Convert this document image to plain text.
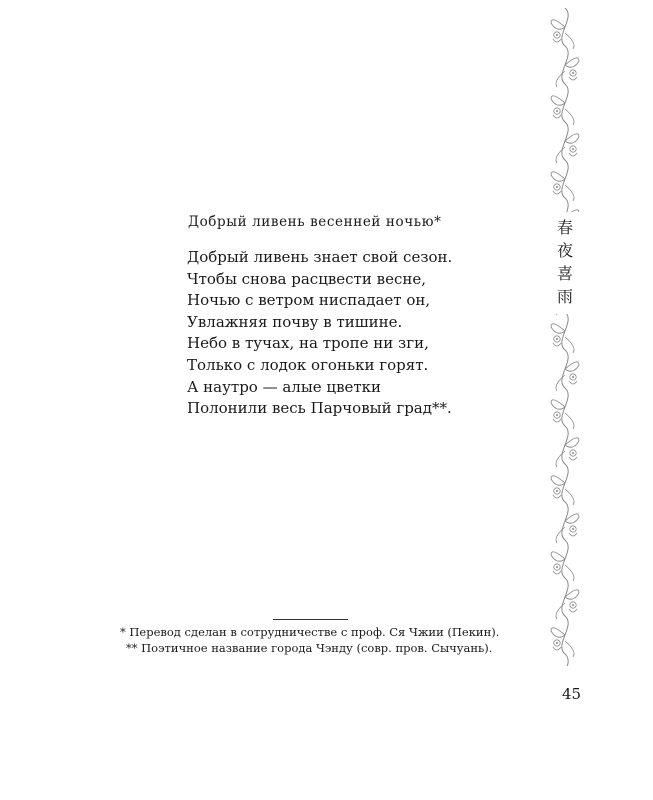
Добрый ливень весенней ночью*
Добрый ливень знает свой сезон.
Чтобы снова расцвести весне,
Ночью с ветром ниспадает он,
Увлажняя почву в тишине.
Небо в тучах, на тропе ни зги,
Только с лодок огоньки горят.
А наутро — алые цветки
Полонили весь Парчовый град**.
* Перевод сделан в сотрудничестве с проф. Ся Чжии (Пекин).
** Поэтичное название города Чэнду (совр. пров. Сычуань).
45
春
夜
喜
雨
